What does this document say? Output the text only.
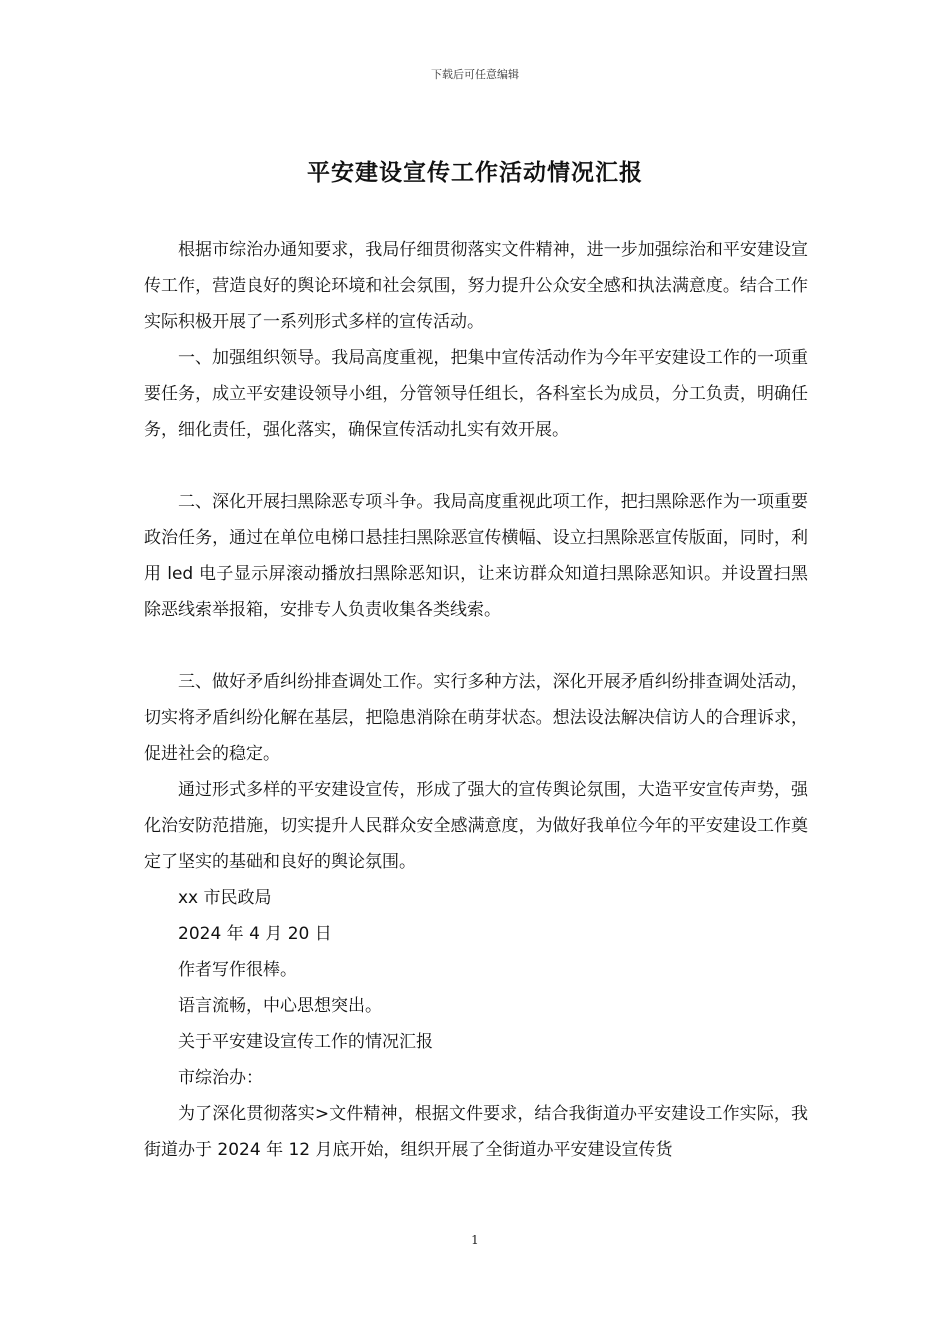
下载后可任意编辑
平安建设宣传工作活动情况汇报

根据市综治办通知要求，我局仔细贯彻落实文件精神，进一步加强综治和平安建设宣传工作，营造良好的舆论环境和社会氛围，努力提升公众安全感和执法满意度。结合工作实际积极开展了一系列形式多样的宣传活动。

一、加强组织领导。我局高度重视，把集中宣传活动作为今年平安建设工作的一项重要任务，成立平安建设领导小组，分管领导任组长，各科室长为成员，分工负责，明确任务，细化责任，强化落实，确保宣传活动扎实有效开展。

二、深化开展扫黑除恶专项斗争。我局高度重视此项工作，把扫黑除恶作为一项重要政治任务，通过在单位电梯口悬挂扫黑除恶宣传横幅、设立扫黑除恶宣传版面，同时，利用 led 电子显示屏滚动播放扫黑除恶知识，让来访群众知道扫黑除恶知识。并设置扫黑除恶线索举报箱，安排专人负责收集各类线索。

三、做好矛盾纠纷排查调处工作。实行多种方法，深化开展矛盾纠纷排查调处活动，切实将矛盾纠纷化解在基层，把隐患消除在萌芽状态。想法设法解决信访人的合理诉求，促进社会的稳定。

通过形式多样的平安建设宣传，形成了强大的宣传舆论氛围，大造平安宣传声势，强化治安防范措施，切实提升人民群众安全感满意度，为做好我单位今年的平安建设工作奠定了坚实的基础和良好的舆论氛围。

xx 市民政局

2024 年 4 月 20 日

作者写作很棒。

语言流畅，中心思想突出。

关于平安建设宣传工作的情况汇报

市综治办：

为了深化贯彻落实>文件精神，根据文件要求，结合我街道办平安建设工作实际，我街道办于 2024 年 12 月底开始，组织开展了全街道办平安建设宣传货

1
